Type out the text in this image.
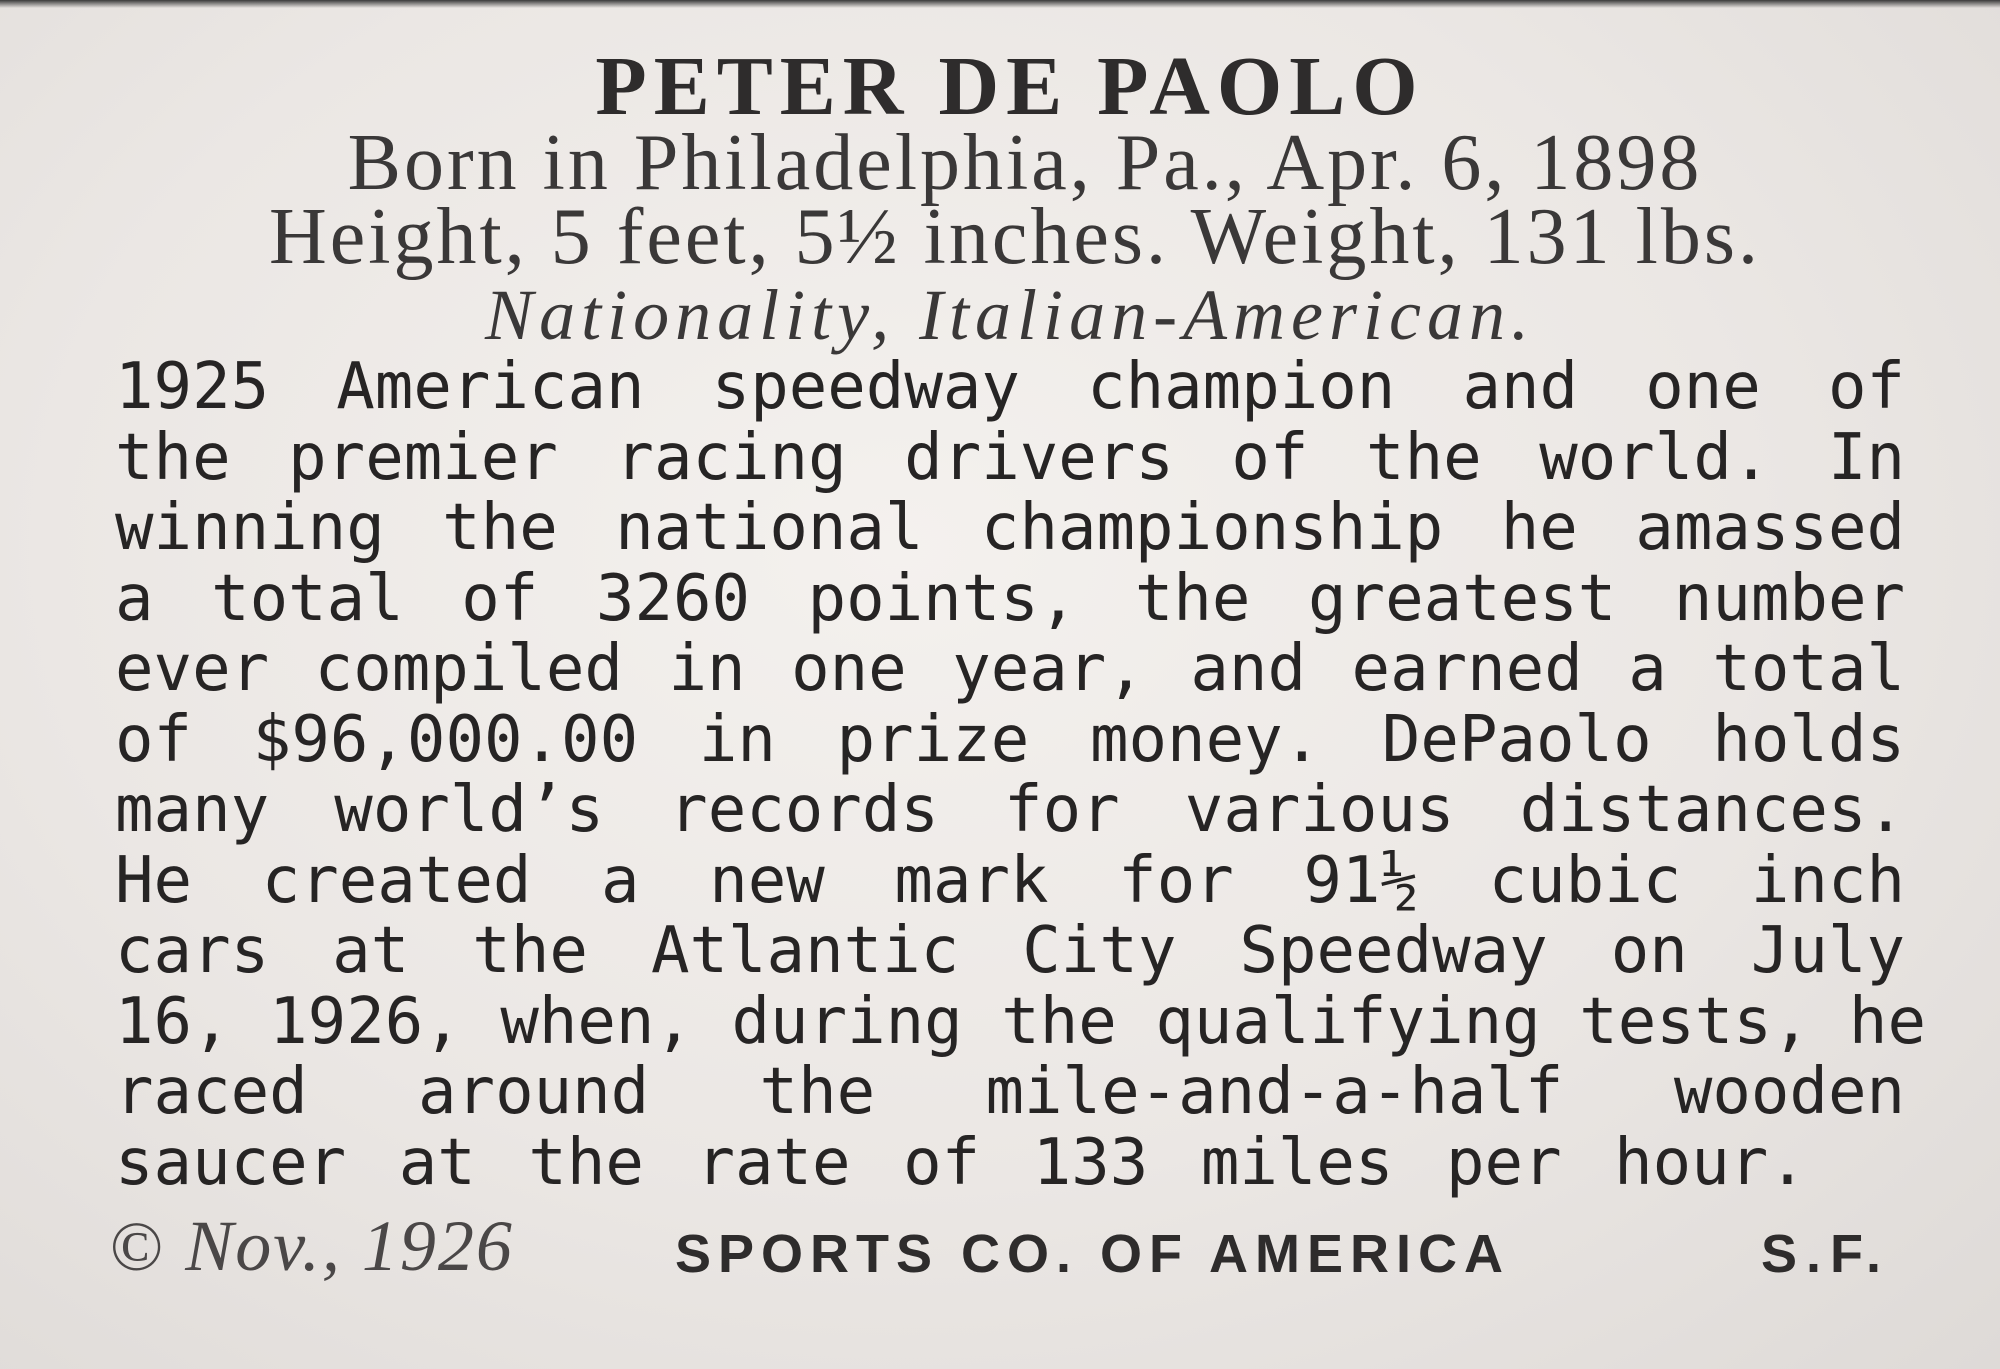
PETER DE PAOLO
Born in Philadelphia, Pa., Apr. 6, 1898
Height, 5 feet, 5½ inches. Weight, 131 lbs.
Nationality, Italian-American.
1925 American speedway champion and one of
the premier racing drivers of the world. In
winning the national championship he amassed
a total of 3260 points, the greatest number
ever compiled in one year, and earned a total
of $96,000.00 in prize money. DePaolo holds
many world’s records for various distances.
He created a new mark for 91½ cubic inch
cars at the Atlantic City Speedway on July
16, 1926, when, during the qualifying tests, he
raced around the mile-and-a-half wooden
saucer at the rate of 133 miles per hour.
© Nov., 1926	SPORTS CO. OF AMERICA	S.F.
